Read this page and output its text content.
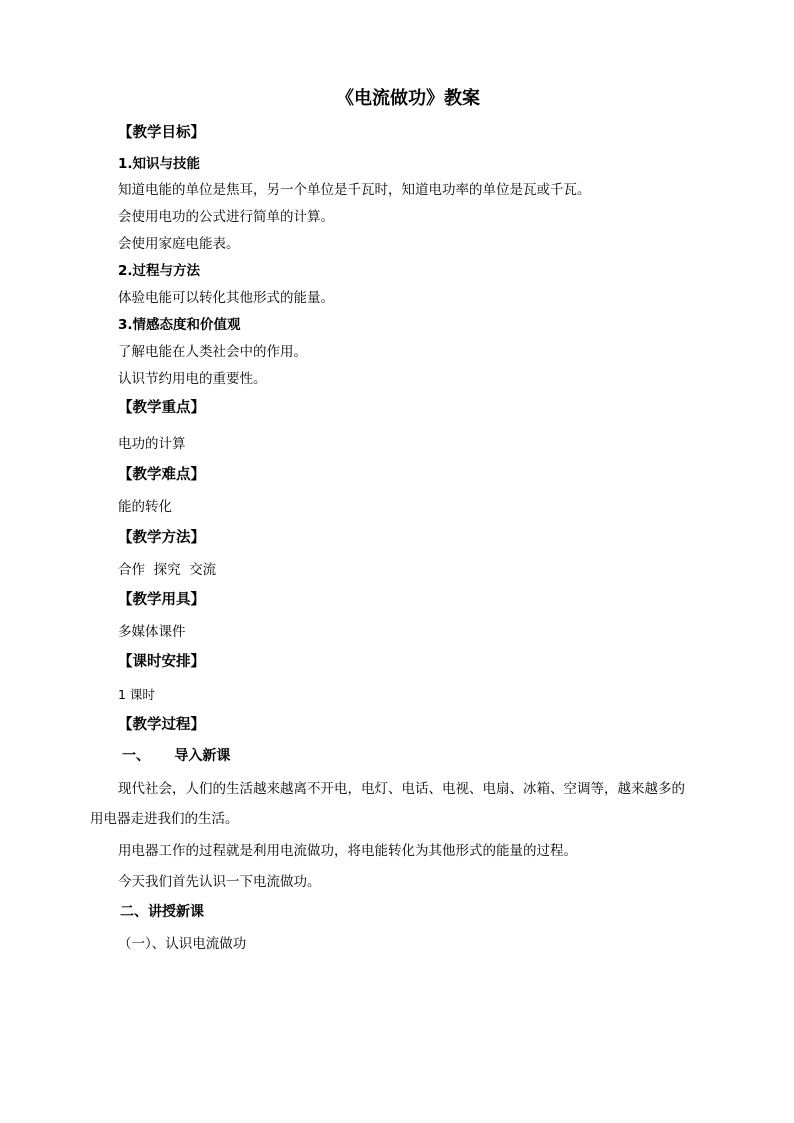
《电流做功》教案
【教学目标】
1.知识与技能
知道电能的单位是焦耳，另一个单位是千瓦时，知道电功率的单位是瓦或千瓦。
会使用电功的公式进行简单的计算。
会使用家庭电能表。
2.过程与方法
体验电能可以转化其他形式的能量。
3.情感态度和价值观
了解电能在人类社会中的作用。
认识节约用电的重要性。
【教学重点】
电功的计算
【教学难点】
能的转化
【教学方法】
合作  探究  交流
【教学用具】
多媒体课件
【课时安排】
1 课时
【教学过程】
一、     导入新课
现代社会，人们的生活越来越离不开电，电灯、电话、电视、电扇、冰箱、空调等，越来越多的
用电器走进我们的生活。
用电器工作的过程就是利用电流做功，将电能转化为其他形式的能量的过程。
今天我们首先认识一下电流做功。
二、讲授新课
（一）、认识电流做功
